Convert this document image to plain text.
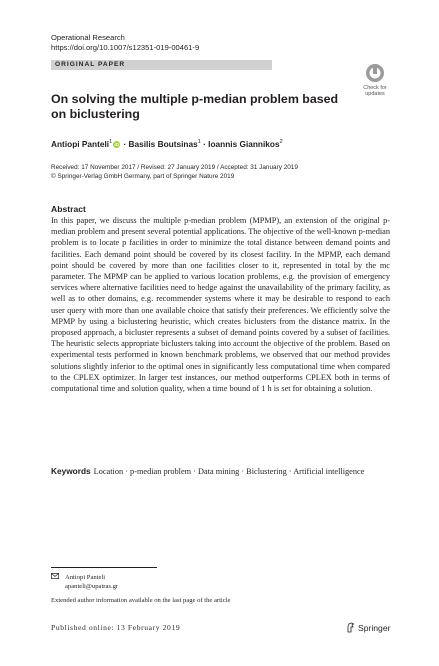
Operational Research
https://doi.org/10.1007/s12351-019-00461-9
ORIGINAL PAPER
Check for
updates
On solving the multiple p-median problem based on biclustering
Antiopi Panteli$^1$ iD · Basilis Boutsinas$^1$ · Ioannis Giannikos$^2$
Received: 17 November 2017 / Revised: 27 January 2019 / Accepted: 31 January 2019
© Springer-Verlag GmbH Germany, part of Springer Nature 2019
Abstract
In this paper, we discuss the multiple p-median problem (MPMP), an extension of the original p-median problem and present several potential applications. The objective of the well-known p-median problem is to locate p facilities in order to minimize the total distance between demand points and facilities. Each demand point should be covered by its closest facility. In the MPMP, each demand point should be covered by more than one facilities closer to it, represented in total by the mc parameter. The MPMP can be applied to various location problems, e.g. the provision of emergency services where alternative facilities need to hedge against the unavailability of the primary facility, as well as to other domains, e.g. recommender systems where it may be desirable to respond to each user query with more than one available choice that satisfy their preferences. We efficiently solve the MPMP by using a biclustering heuristic, which creates biclusters from the distance matrix. In the proposed approach, a bicluster represents a subset of demand points covered by a subset of facilities. The heuristic selects appropriate biclusters taking into account the objective of the problem. Based on experimental tests performed in known benchmark problems, we observed that our method provides solutions slightly inferior to the optimal ones in significantly less computational time when compared to the CPLEX optimizer. In larger test instances, our method outperforms CPLEX both in terms of computational time and solution quality, when a time bound of 1 h is set for obtaining a solution.
Keywords Location · p-median problem · Data mining · Biclustering · Artificial intelligence
Antiopi Panteli
apanteli@upatras.gr
Extended author information available on the last page of the article
Published online: 13 February 2019	Springer
